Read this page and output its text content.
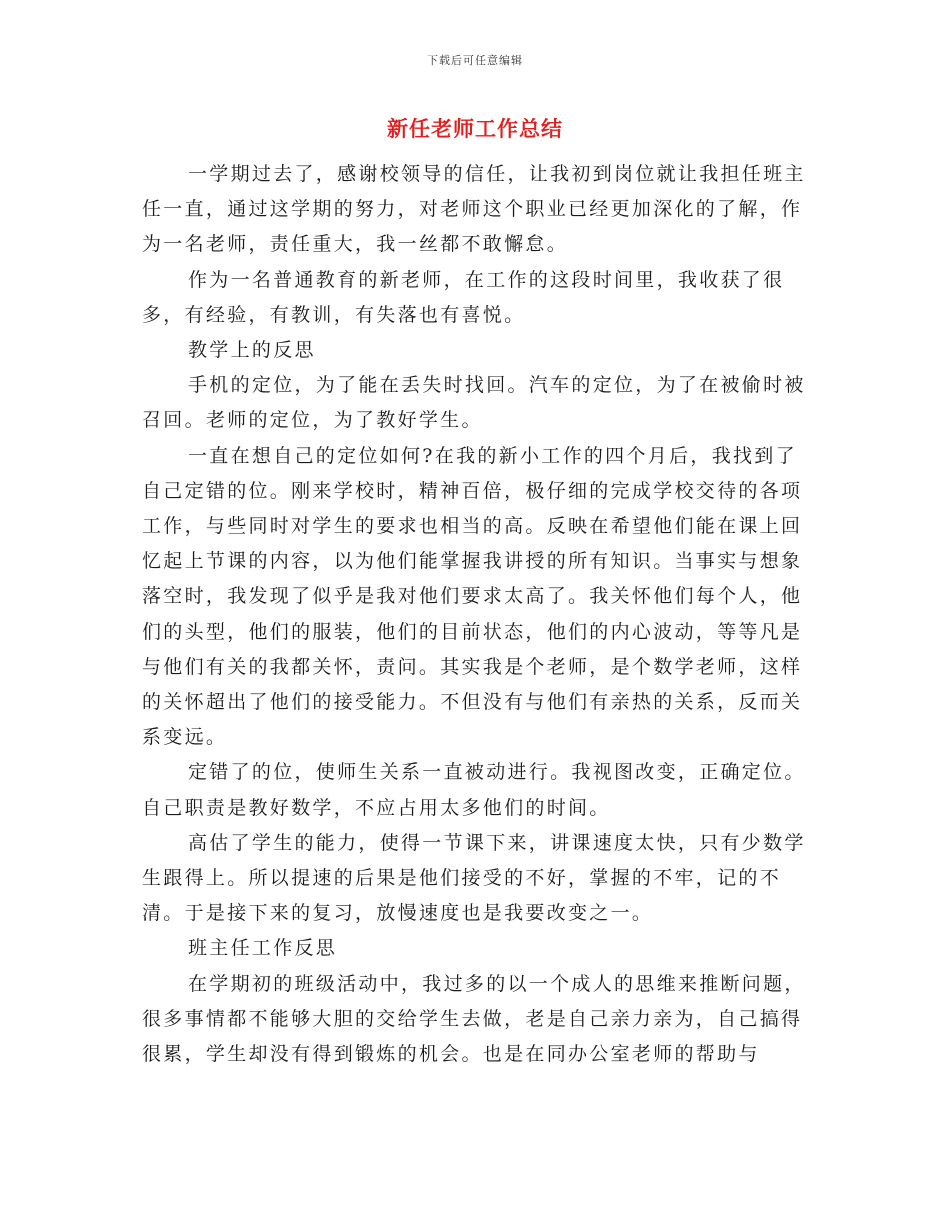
下载后可任意编辑
新任老师工作总结

一学期过去了，感谢校领导的信任，让我初到岗位就让我担任班主任一直，通过这学期的努力，对老师这个职业已经更加深化的了解，作为一名老师，责任重大，我一丝都不敢懈怠。

作为一名普通教育的新老师，在工作的这段时间里，我收获了很多，有经验，有教训，有失落也有喜悦。

教学上的反思

手机的定位，为了能在丢失时找回。汽车的定位，为了在被偷时被召回。老师的定位，为了教好学生。

一直在想自己的定位如何?在我的新小工作的四个月后，我找到了自己定错的位。刚来学校时，精神百倍，极仔细的完成学校交待的各项工作，与些同时对学生的要求也相当的高。反映在希望他们能在课上回忆起上节课的内容，以为他们能掌握我讲授的所有知识。当事实与想象落空时，我发现了似乎是我对他们要求太高了。我关怀他们每个人，他们的头型，他们的服装，他们的目前状态，他们的内心波动，等等凡是与他们有关的我都关怀，责问。其实我是个老师，是个数学老师，这样的关怀超出了他们的接受能力。不但没有与他们有亲热的关系，反而关系变远。

定错了的位，使师生关系一直被动进行。我视图改变，正确定位。自己职责是教好数学，不应占用太多他们的时间。

高估了学生的能力，使得一节课下来，讲课速度太快，只有少数学生跟得上。所以提速的后果是他们接受的不好，掌握的不牢，记的不清。于是接下来的复习，放慢速度也是我要改变之一。

班主任工作反思

在学期初的班级活动中，我过多的以一个成人的思维来推断问题，很多事情都不能够大胆的交给学生去做，老是自己亲力亲为，自己搞得很累，学生却没有得到锻炼的机会。也是在同办公室老师的帮助与
